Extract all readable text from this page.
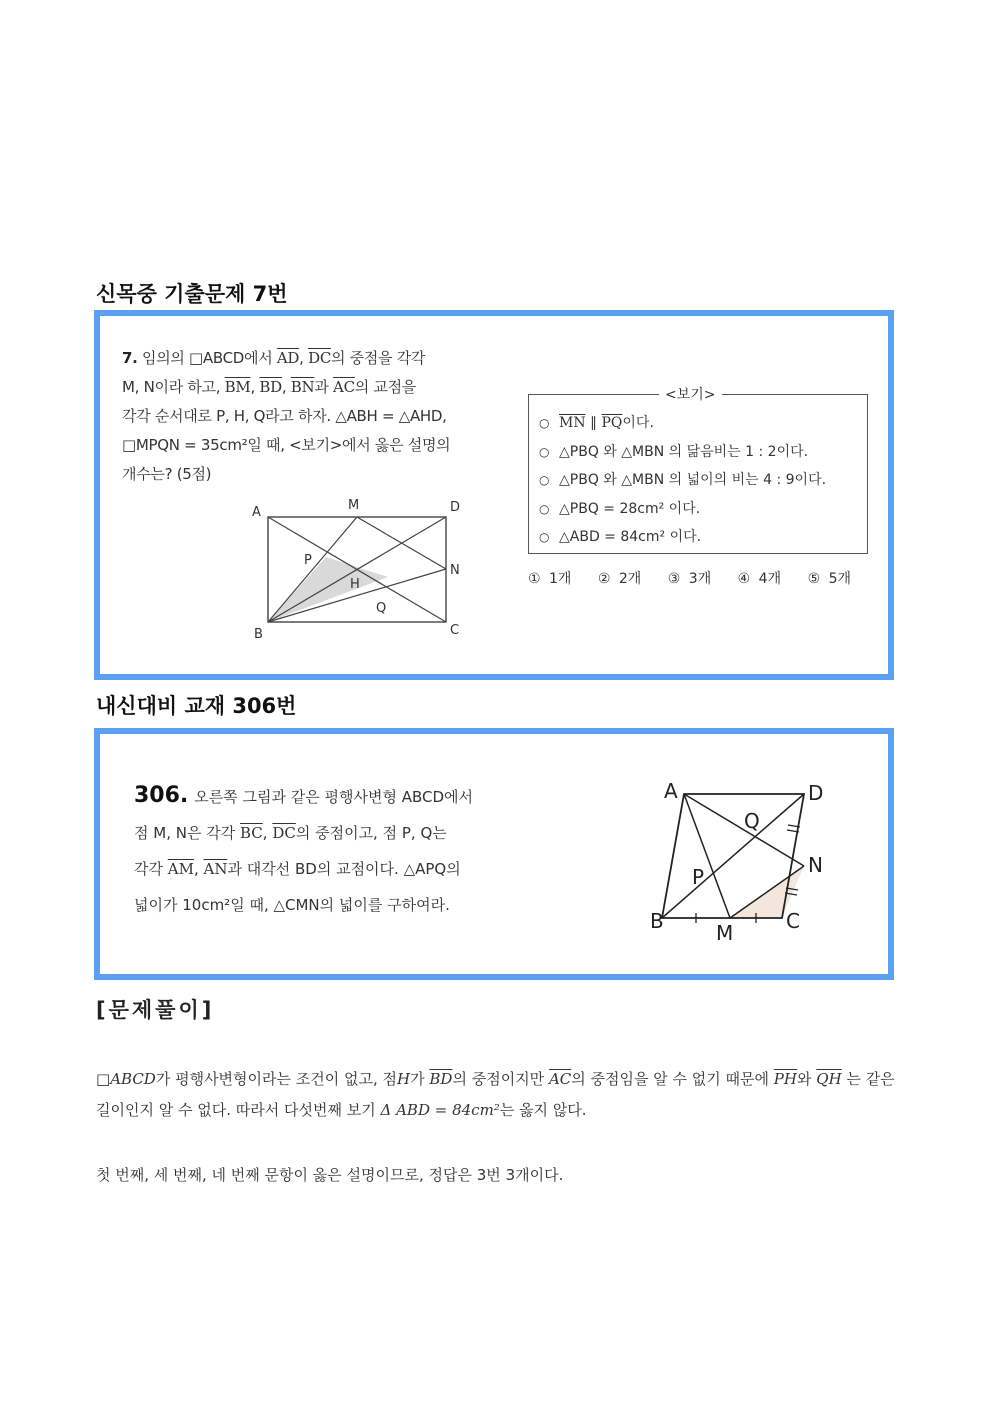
신목중 기출문제 7번
7. 임의의 □ABCD에서 $\overline{AD}$, $\overline{DC}$의 중점을 각각
M, N이라 하고, $\overline{BM}$, $\overline{BD}$, $\overline{BN}$과 $\overline{AC}$의 교점을
각각 순서대로 P, H, Q라고 하자. △ABH = △AHD,
□MPQN = 35cm²일 때, <보기>에서 옳은 설명의
개수는? (5점)
A	M	D
P
H
N
Q
B	C
<보기>
○ $\overline{MN}$ ∥ $\overline{PQ}$이다.
○ △PBQ 와 △MBN 의 닮음비는 1 : 2이다.
○ △PBQ 와 △MBN 의 넓이의 비는 4 : 9이다.
○ △PBQ = 28cm² 이다.
○ △ABD = 84cm² 이다.
① 1개 ② 2개 ③ 3개 ④ 4개 ⑤ 5개
내신대비 교재 306번
306. 오른쪽 그림과 같은 평행사변형 ABCD에서
점 M, N은 각각 $\overline{BC}$, $\overline{DC}$의 중점이고, 점 P, Q는
각각 $\overline{AM}$, $\overline{AN}$과 대각선 BD의 교점이다. △APQ의
넓이가 10cm²일 때, △CMN의 넓이를 구하여라.
A	D
Q
N
P
B	M	C
[문제풀이]
□ABCD가 평행사변형이라는 조건이 없고, 점H가 $\overline{BD}$의 중점이지만 $\overline{AC}$의 중점임을 알 수 없기 때문에 $\overline{PH}$와 $\overline{QH}$ 는 같은 길이인지 알 수 없다. 따라서 다섯번째 보기 Δ ABD = 84cm²는 옳지 않다.
첫 번째, 세 번째, 네 번째 문항이 옳은 설명이므로, 정답은 3번 3개이다.
